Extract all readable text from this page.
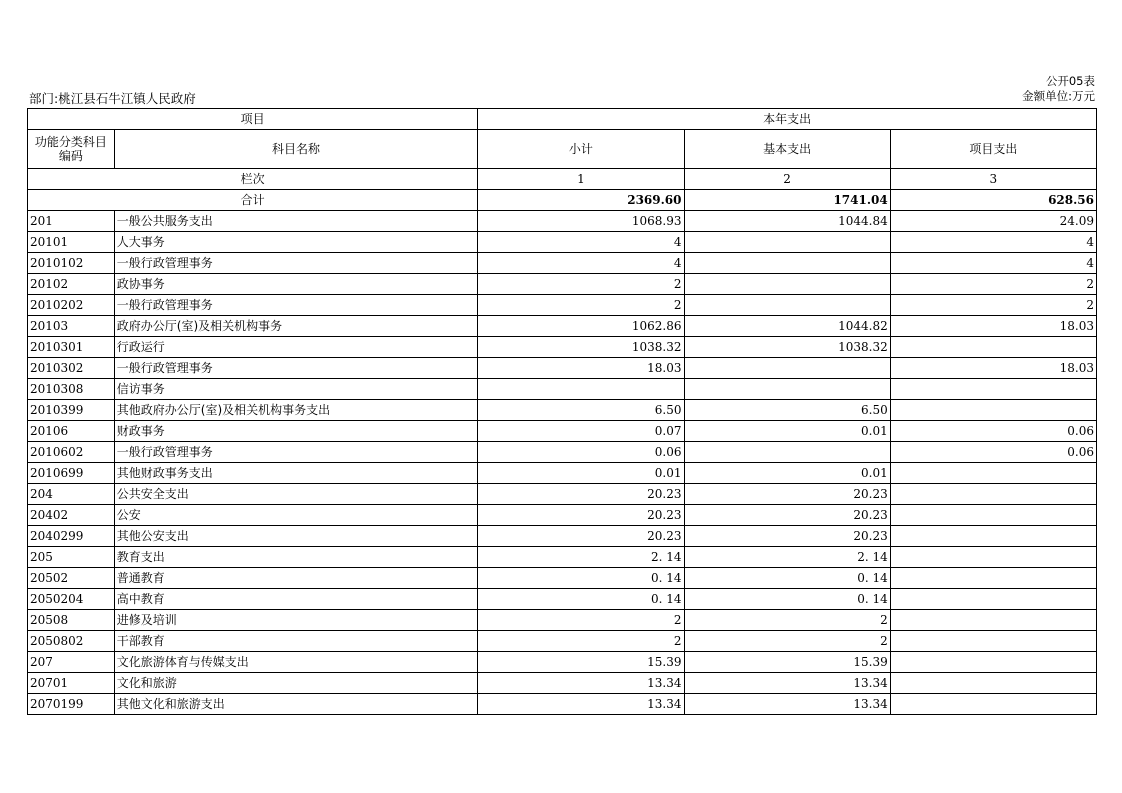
公开05表
金额单位:万元
部门:桃江县石牛江镇人民政府
项目		本年支出		
功能分类科目编码	科目名称	小计	基本支出	项目支出
栏次		1	2	3
合计		2369.60	1741.04	628.56
201	一般公共服务支出	1068.93	1044.84	24.09
20101	人大事务	4		4
2010102	一般行政管理事务	4		4
20102	政协事务	2		2
2010202	一般行政管理事务	2		2
20103	政府办公厅(室)及相关机构事务	1062.86	1044.82	18.03
2010301	行政运行	1038.32	1038.32	
2010302	一般行政管理事务	18.03		18.03
2010308	信访事务			
2010399	其他政府办公厅(室)及相关机构事务支出	6.50	6.50	
20106	财政事务	0.07	0.01	0.06
2010602	一般行政管理事务	0.06		0.06
2010699	其他财政事务支出	0.01	0.01	
204	公共安全支出	20.23	20.23	
20402	公安	20.23	20.23	
2040299	其他公安支出	20.23	20.23	
205	教育支出	2. 14	2. 14	
20502	普通教育	0. 14	0. 14	
2050204	高中教育	0. 14	0. 14	
20508	进修及培训	2	2	
2050802	干部教育	2	2	
207	文化旅游体育与传媒支出	15.39	15.39	
20701	文化和旅游	13.34	13.34	
2070199	其他文化和旅游支出	13.34	13.34	
